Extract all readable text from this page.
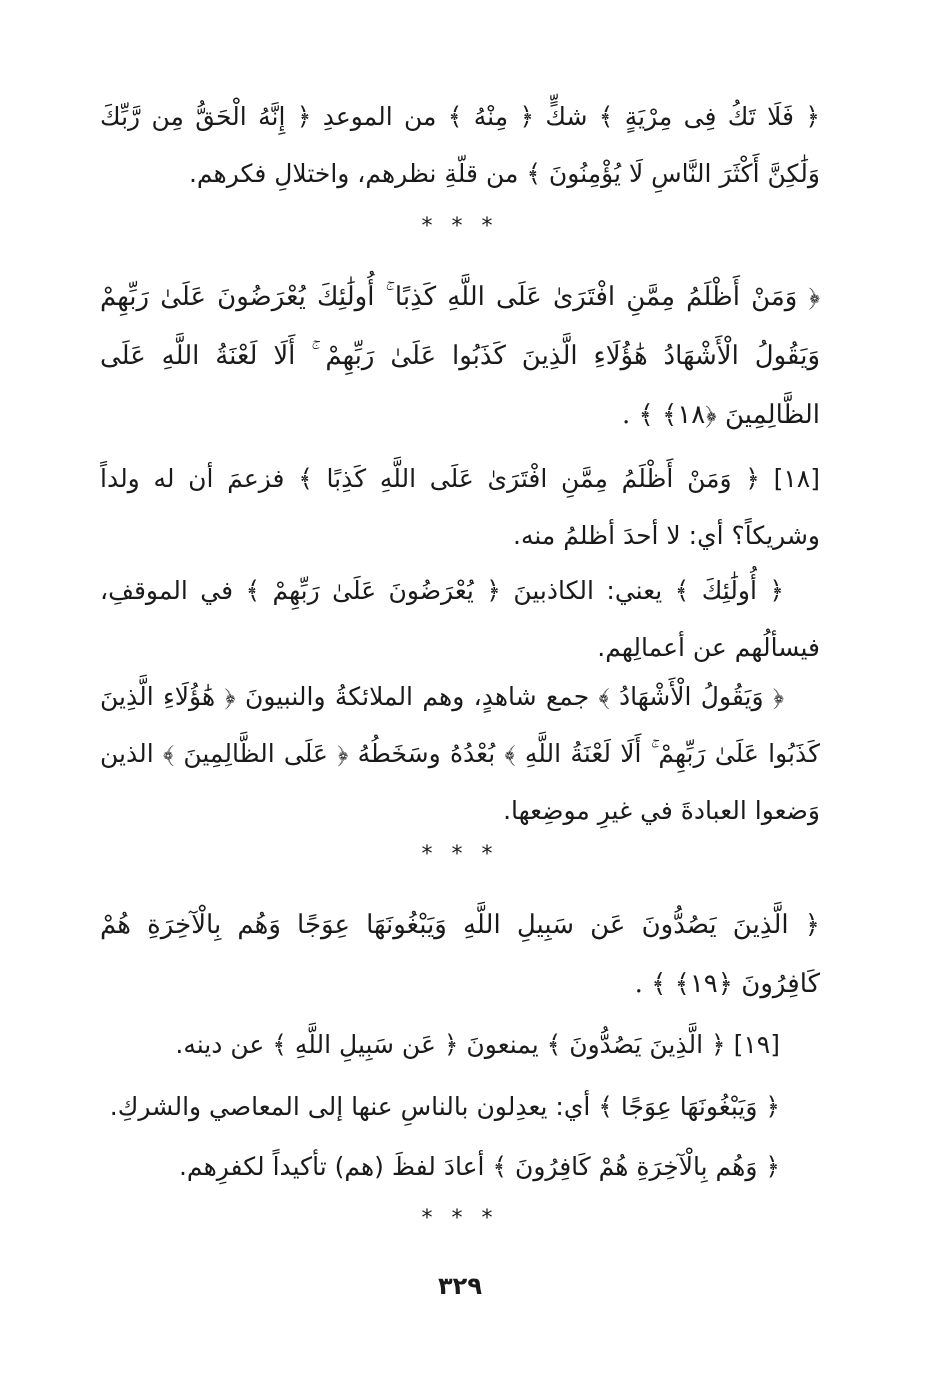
﴿ فَلَا تَكُ فِى مِرْيَةٍ ﴾ شكٍّ ﴿ مِنْهُ ﴾ من الموعدِ ﴿ إِنَّهُ الْحَقُّ مِن رَّبِّكَ وَلَٰكِنَّ أَكْثَرَ النَّاسِ لَا يُؤْمِنُونَ ﴾ من قلّةِ نظرهم، واختلالِ فكرهم.

* * *

﴿ وَمَنْ أَظْلَمُ مِمَّنِ افْتَرَىٰ عَلَى اللَّهِ كَذِبًا ۚ أُولَٰئِكَ يُعْرَضُونَ عَلَىٰ رَبِّهِمْ وَيَقُولُ الْأَشْهَادُ هَٰؤُلَاءِ الَّذِينَ كَذَبُوا عَلَىٰ رَبِّهِمْ ۚ أَلَا لَعْنَةُ اللَّهِ عَلَى الظَّالِمِينَ ﴿١٨﴾ ﴾ .

[١٨] ﴿ وَمَنْ أَظْلَمُ مِمَّنِ افْتَرَىٰ عَلَى اللَّهِ كَذِبًا ﴾ فزعمَ أن له ولداً وشريكاً؟ أي: لا أحدَ أظلمُ منه.

﴿ أُولَٰئِكَ ﴾ يعني: الكاذبينَ ﴿ يُعْرَضُونَ عَلَىٰ رَبِّهِمْ ﴾ في الموقفِ، فيسألُهم عن أعمالِهم.

﴿ وَيَقُولُ الْأَشْهَادُ ﴾ جمع شاهدٍ، وهم الملائكةُ والنبيونَ ﴿ هَٰؤُلَاءِ الَّذِينَ كَذَبُوا عَلَىٰ رَبِّهِمْ ۚ أَلَا لَعْنَةُ اللَّهِ ﴾ بُعْدُهُ وسَخَطُهُ ﴿ عَلَى الظَّالِمِينَ ﴾ الذين وَضعوا العبادةَ في غيرِ موضِعها.

* * *

﴿ الَّذِينَ يَصُدُّونَ عَن سَبِيلِ اللَّهِ وَيَبْغُونَهَا عِوَجًا وَهُم بِالْآخِرَةِ هُمْ كَافِرُونَ ﴿١٩﴾ ﴾ .

[١٩] ﴿ الَّذِينَ يَصُدُّونَ ﴾ يمنعونَ ﴿ عَن سَبِيلِ اللَّهِ ﴾ عن دينه.

﴿ وَيَبْغُونَهَا عِوَجًا ﴾ أي: يعدِلون بالناسِ عنها إلى المعاصي والشركِ.

﴿ وَهُم بِالْآخِرَةِ هُمْ كَافِرُونَ ﴾ أعادَ لفظَ (هم) تأكيداً لكفرِهم.

* * *
٣٢٩
